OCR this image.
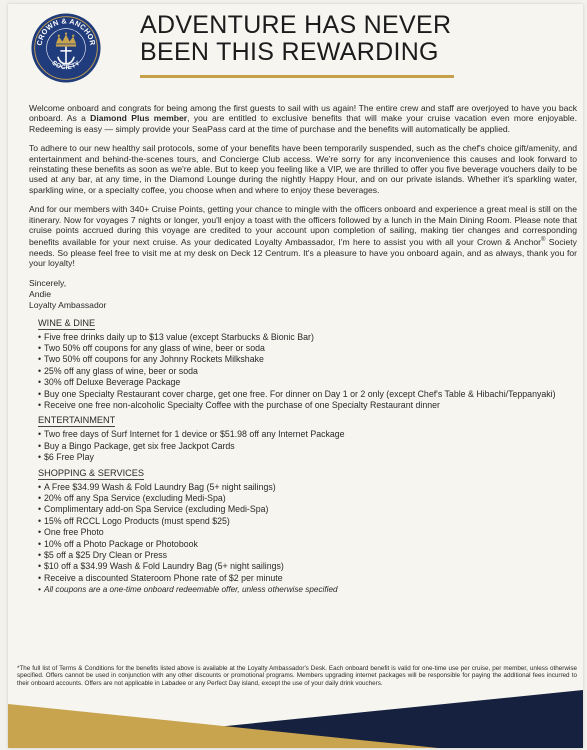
CROWN & ANCHOR
SOCIETY
ADVENTURE HAS NEVER
BEEN THIS REWARDING

Welcome onboard and congrats for being among the first guests to sail with us again! The entire crew and staff are overjoyed to have you back onboard. As a Diamond Plus member, you are entitled to exclusive benefits that will make your cruise vacation even more enjoyable. Redeeming is easy — simply provide your SeaPass card at the time of purchase and the benefits will automatically be applied.

To adhere to our new healthy sail protocols, some of your benefits have been temporarily suspended, such as the chef's choice gift/amenity, and entertainment and behind-the-scenes tours, and Concierge Club access. We're sorry for any inconvenience this causes and look forward to reinstating these benefits as soon as we're able. But to keep you feeling like a VIP, we are thrilled to offer you five beverage vouchers daily to be used at any bar, at any time, in the Diamond Lounge during the nightly Happy Hour, and on our private islands. Whether it's sparkling water, sparkling wine, or a specialty coffee, you choose when and where to enjoy these beverages.

And for our members with 340+ Cruise Points, getting your chance to mingle with the officers onboard and experience a great meal is still on the itinerary. Now for voyages 7 nights or longer, you'll enjoy a toast with the officers followed by a lunch in the Main Dining Room. Please note that cruise points accrued during this voyage are credited to your account upon completion of sailing, making tier changes and corresponding benefits available for your next cruise. As your dedicated Loyalty Ambassador, I'm here to assist you with all your Crown & Anchor® Society needs. So please feel free to visit me at my desk on Deck 12 Centrum. It's a pleasure to have you onboard again, and as always, thank you for your loyalty!

Sincerely,
Andie
Loyalty Ambassador
WINE & DINE
• Five free drinks daily up to $13 value (except Starbucks & Bionic Bar)
• Two 50% off coupons for any glass of wine, beer or soda
• Two 50% off coupons for any Johnny Rockets Milkshake
• 25% off any glass of wine, beer or soda
• 30% off Deluxe Beverage Package
• Buy one Specialty Restaurant cover charge, get one free. For dinner on Day 1 or 2 only (except Chef's Table & Hibachi/Teppanyaki)
• Receive one free non-alcoholic Specialty Coffee with the purchase of one Specialty Restaurant dinner
ENTERTAINMENT
• Two free days of Surf Internet for 1 device or $51.98 off any Internet Package
• Buy a Bingo Package, get six free Jackpot Cards
• $6 Free Play
SHOPPING & SERVICES
• A Free $34.99 Wash & Fold Laundry Bag (5+ night sailings)
• 20% off any Spa Service (excluding Medi-Spa)
• Complimentary add-on Spa Service (excluding Medi-Spa)
• 15% off RCCL Logo Products (must spend $25)
• One free Photo
• 10% off a Photo Package or Photobook
• $5 off a $25 Dry Clean or Press
• $10 off a $34.99 Wash & Fold Laundry Bag (5+ night sailings)
• Receive a discounted Stateroom Phone rate of $2 per minute
• All coupons are a one-time onboard redeemable offer, unless otherwise specified

*The full list of Terms & Conditions for the benefits listed above is available at the Loyalty Ambassador's Desk. Each onboard benefit is valid for one-time use per cruise, per member, unless otherwise specified. Offers cannot be used in conjunction with any other discounts or promotional programs. Members upgrading internet packages will be responsible for paying the additional fees incurred to their onboard accounts. Offers are not applicable in Labadee or any Perfect Day island, except the use of your daily drink vouchers.
